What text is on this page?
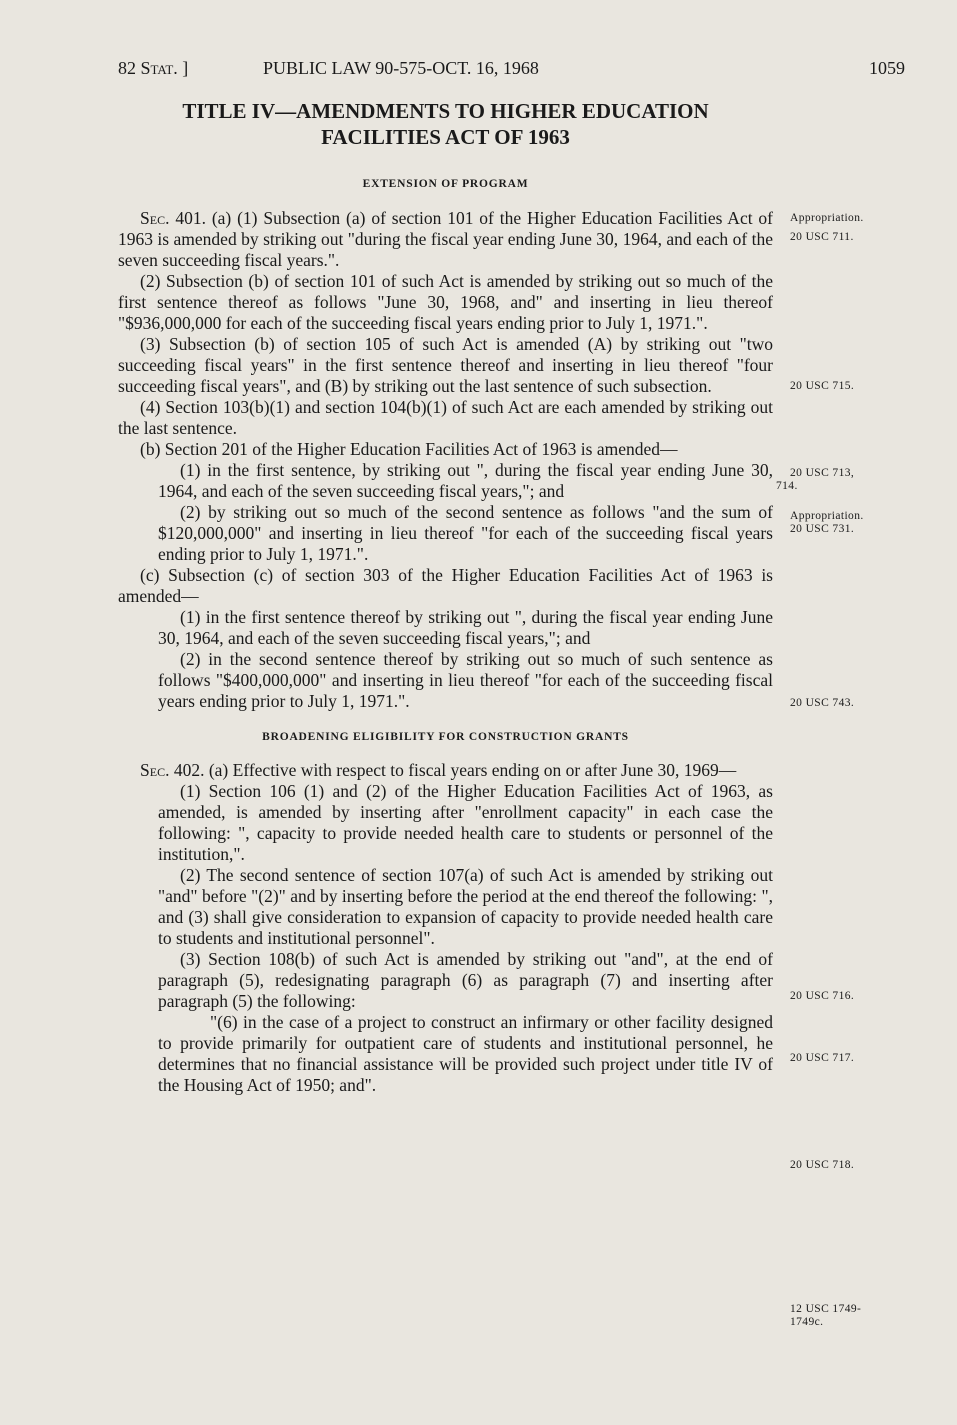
82 Stat. ]	PUBLIC LAW 90-575-OCT. 16, 1968	1059
TITLE IV—AMENDMENTS TO HIGHER EDUCATION
FACILITIES ACT OF 1963
EXTENSION OF PROGRAM

Sec. 401. (a) (1) Subsection (a) of section 101 of the Higher Education Facilities Act of 1963 is amended by striking out "during the fiscal year ending June 30, 1964, and each of the seven succeeding fiscal years.".

(2) Subsection (b) of section 101 of such Act is amended by striking out so much of the first sentence thereof as follows "June 30, 1968, and" and inserting in lieu thereof "$936,000,000 for each of the succeeding fiscal years ending prior to July 1, 1971.".

(3) Subsection (b) of section 105 of such Act is amended (A) by striking out "two succeeding fiscal years" in the first sentence thereof and inserting in lieu thereof "four succeeding fiscal years", and (B) by striking out the last sentence of such subsection.

(4) Section 103(b)(1) and section 104(b)(1) of such Act are each amended by striking out the last sentence.

(b) Section 201 of the Higher Education Facilities Act of 1963 is amended—

(1) in the first sentence, by striking out ", during the fiscal year ending June 30, 1964, and each of the seven succeeding fiscal years,"; and

(2) by striking out so much of the second sentence as follows "and the sum of $120,000,000" and inserting in lieu thereof "for each of the succeeding fiscal years ending prior to July 1, 1971.".

(c) Subsection (c) of section 303 of the Higher Education Facilities Act of 1963 is amended—

(1) in the first sentence thereof by striking out ", during the fiscal year ending June 30, 1964, and each of the seven succeeding fiscal years,"; and

(2) in the second sentence thereof by striking out so much of such sentence as follows "$400,000,000" and inserting in lieu thereof "for each of the succeeding fiscal years ending prior to July 1, 1971.".

BROADENING ELIGIBILITY FOR CONSTRUCTION GRANTS

Sec. 402. (a) Effective with respect to fiscal years ending on or after June 30, 1969—

(1) Section 106 (1) and (2) of the Higher Education Facilities Act of 1963, as amended, is amended by inserting after "enrollment capacity" in each case the following: ", capacity to provide needed health care to students or personnel of the institution,".

(2) The second sentence of section 107(a) of such Act is amended by striking out "and" before "(2)" and by inserting before the period at the end thereof the following: ", and (3) shall give consideration to expansion of capacity to provide needed health care to students and institutional personnel".

(3) Section 108(b) of such Act is amended by striking out "and", at the end of paragraph (5), redesignating paragraph (6) as paragraph (7) and inserting after paragraph (5) the following:

"(6) in the case of a project to construct an infirmary or other facility designed to provide primarily for outpatient care of students and institutional personnel, he determines that no financial assistance will be provided such project under title IV of the Housing Act of 1950; and".

Appropriation.
20 USC 711.
20 USC 715.
20 USC 713,
714.
Appropriation.
20 USC 731.
20 USC 743.
20 USC 716.
20 USC 717.
20 USC 718.
12 USC 1749-
1749c.
